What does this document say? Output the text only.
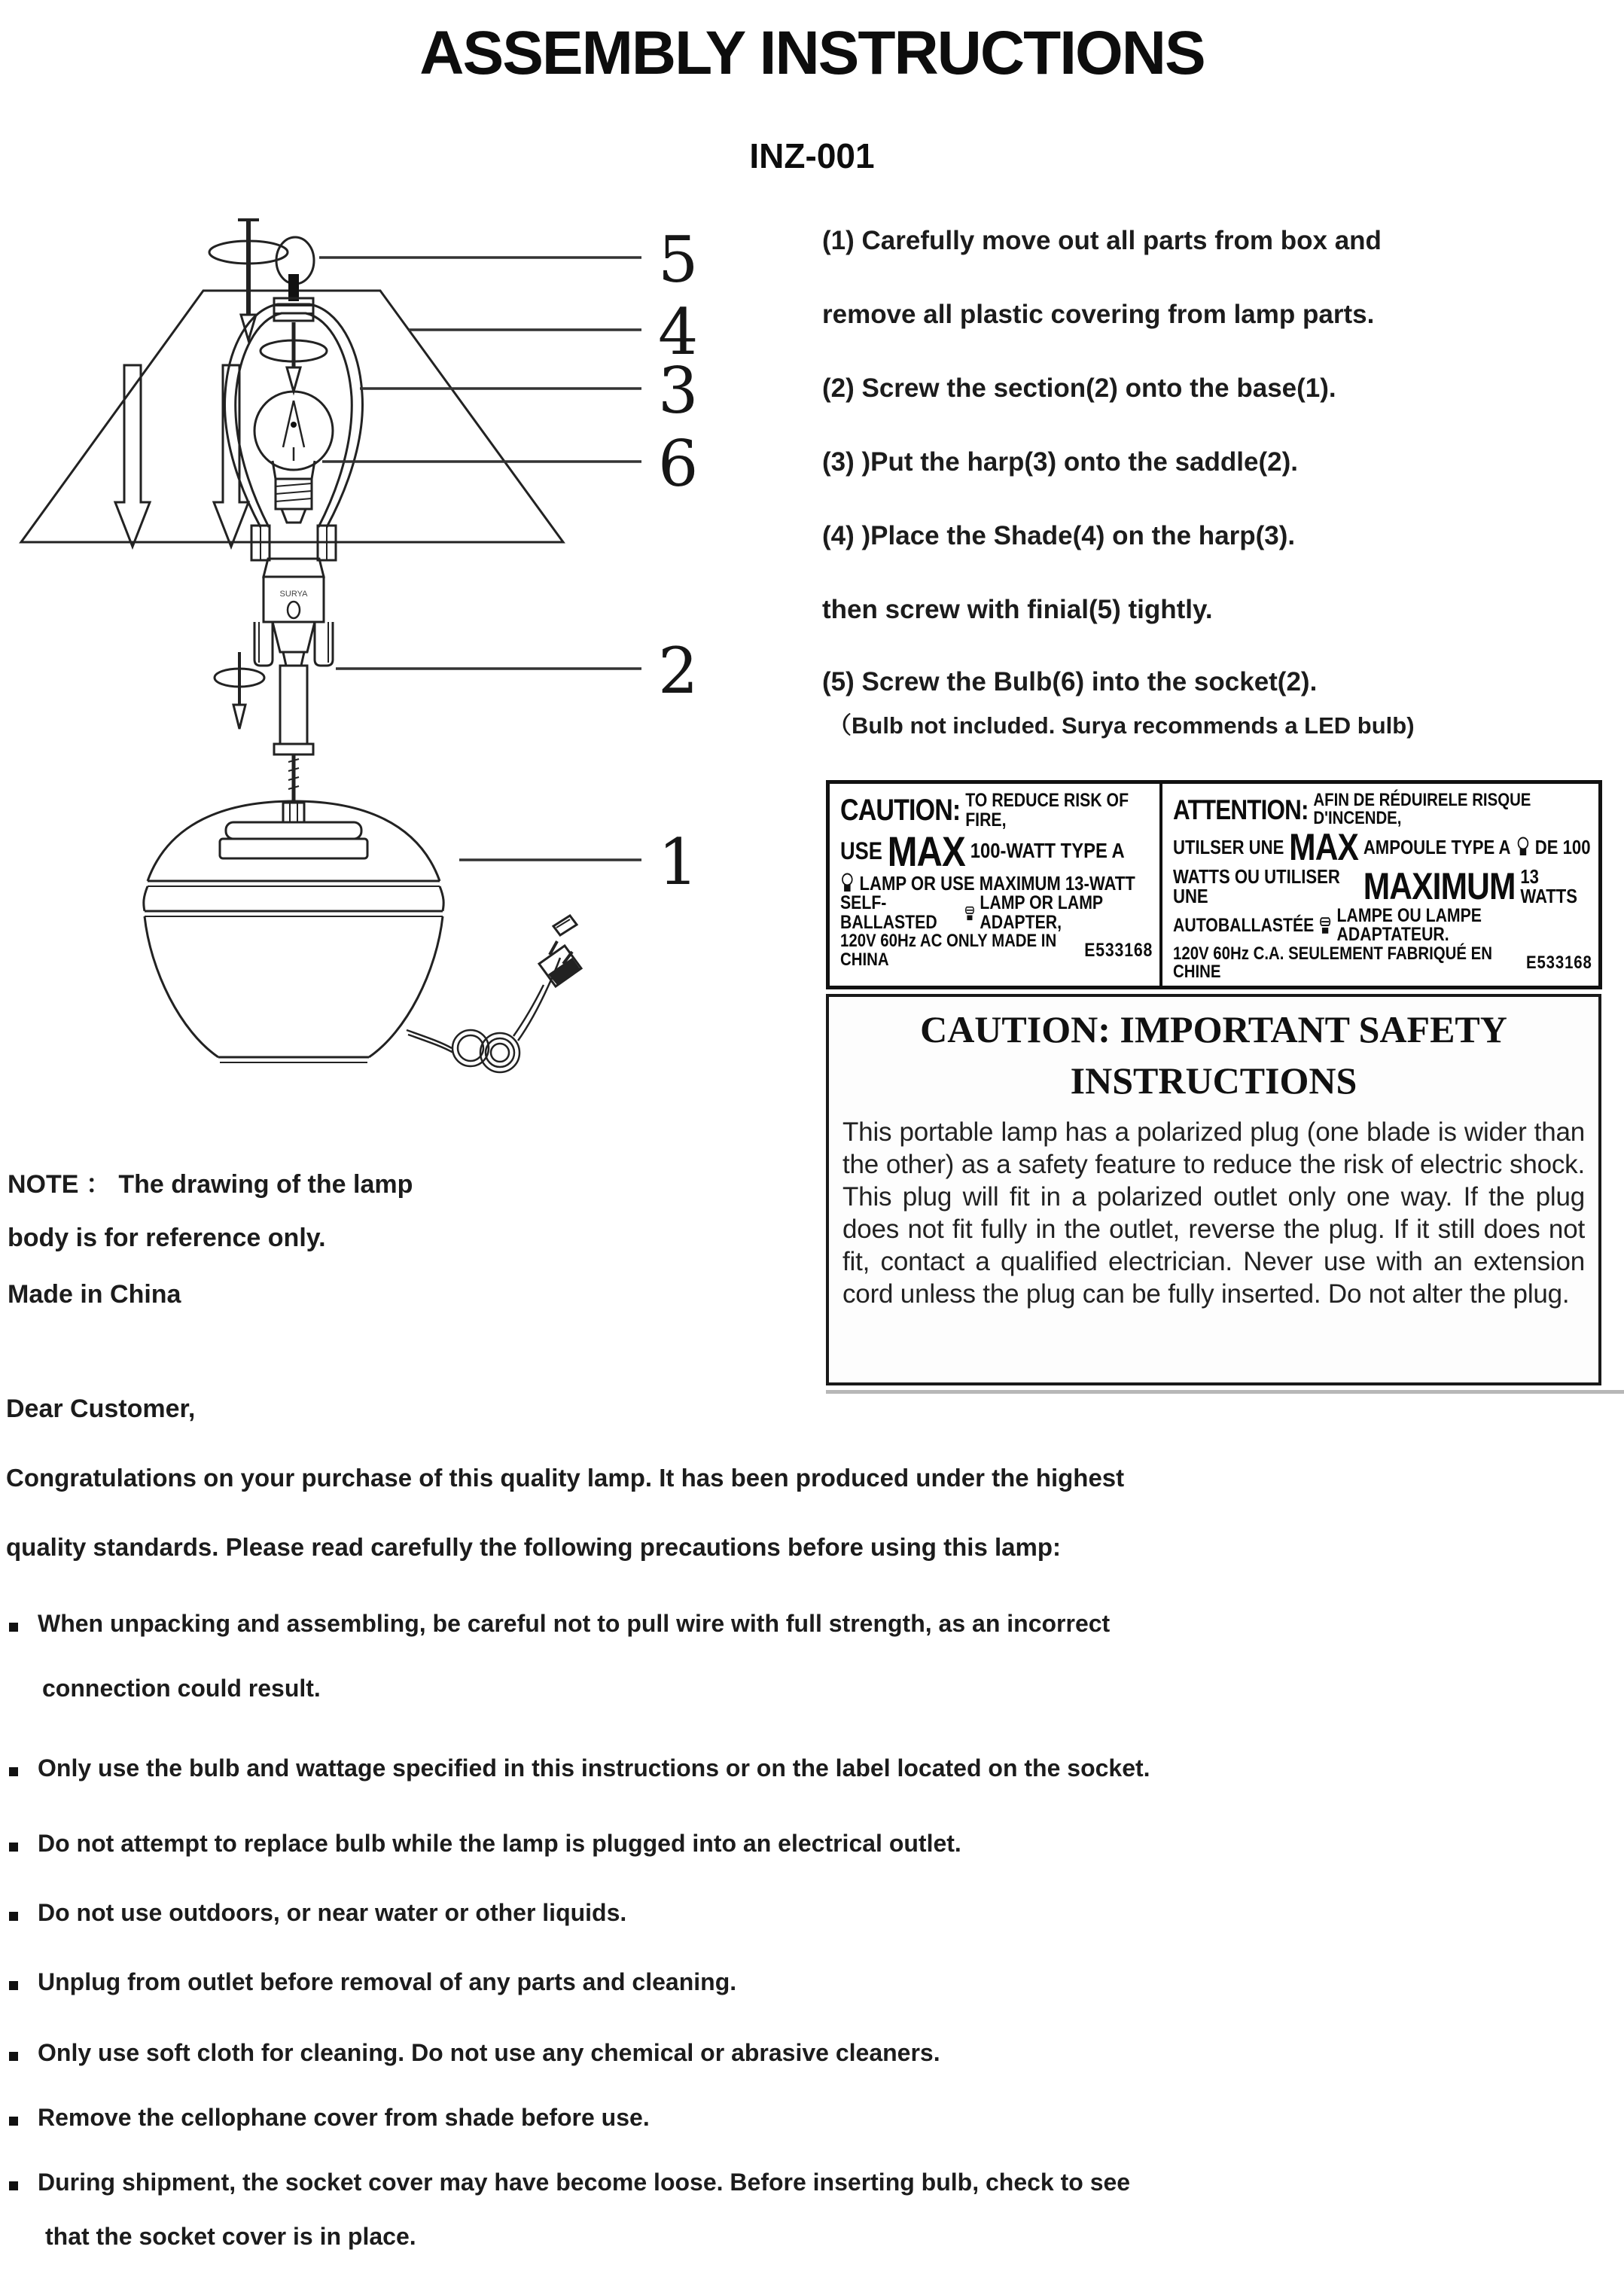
ASSEMBLY INSTRUCTIONS
INZ-001
SURYA
5
4
3
6
2
1
(1) Carefully move out all parts from box and
remove all plastic covering from lamp parts.
(2) Screw the section(2) onto the base(1).
(3) )Put the harp(3) onto the saddle(2).
(4) )Place the Shade(4) on the harp(3).
then screw with finial(5) tightly.
(5) Screw the Bulb(6) into the socket(2).
（Bulb not included. Surya recommends a LED bulb)
CAUTION: TO REDUCE RISK OF FIRE,
USE MAX 100-WATT TYPE A
LAMP OR USE MAXIMUM 13-WATT
SELF-BALLASTED
LAMP OR LAMP ADAPTER,
120V 60Hz AC ONLY MADE IN CHINA	E533168
ATTENTION: AFIN DE RÉDUIRELE RISQUE D'INCENDE,
UTILSER UNE MAX AMPOULE TYPE A DE 100
WATTS OU UTILISER UNE	MAXIMUM 13 WATTS
AUTOBALLASTÉE LAMPE OU LAMPE ADAPTATEUR.
120V 60Hz C.A. SEULEMENT FABRIQUÉ EN CHINE	E533168
CAUTION: IMPORTANT SAFETY
INSTRUCTIONS

This portable lamp has a polarized plug (one blade is wider than the other) as a safety feature to reduce the risk of electric shock. This plug will fit in a polarized outlet only one way. If the plug does not fit fully in the outlet, reverse the plug. If it still does not fit, contact a qualified electrician. Never use with an extension cord unless the plug can be fully inserted. Do not alter the plug.

NOTE ： The drawing of the lamp
body is for reference only.
Made in China
Dear Customer,
Congratulations on your purchase of this quality lamp. It has been produced under the highest
quality standards. Please read carefully the following precautions before using this lamp:
When unpacking and assembling, be careful not to pull wire with full strength, as an incorrect
connection could result.
Only use the bulb and wattage specified in this instructions or on the label located on the socket.
Do not attempt to replace bulb while the lamp is plugged into an electrical outlet.
Do not use outdoors, or near water or other liquids.
Unplug from outlet before removal of any parts and cleaning.
Only use soft cloth for cleaning. Do not use any chemical or abrasive cleaners.
Remove the cellophane cover from shade before use.
During shipment, the socket cover may have become loose. Before inserting bulb, check to see
that the socket cover is in place.
